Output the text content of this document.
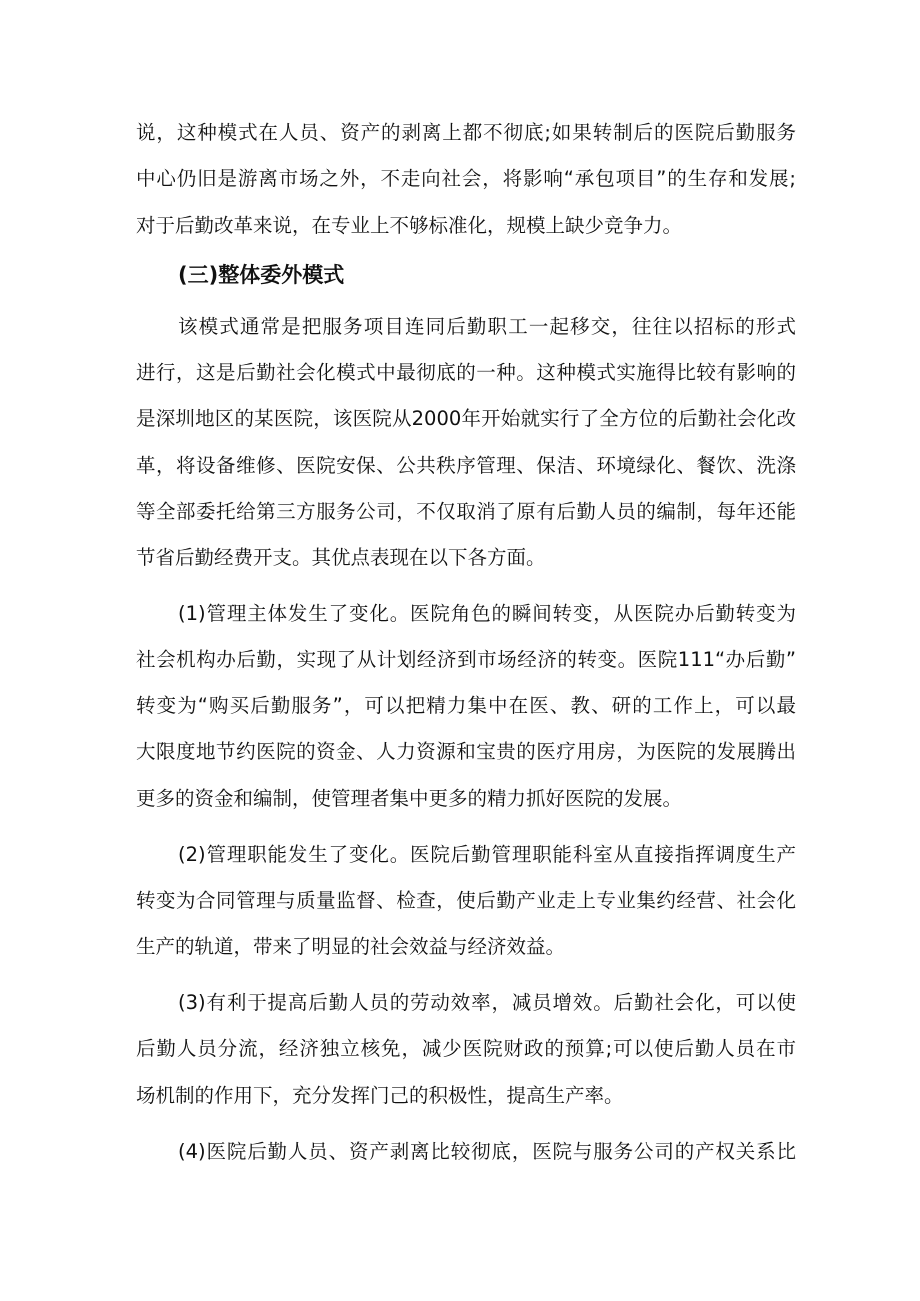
说，这种模式在人员、资产的剥离上都不彻底;如果转制后的医院后勤服务
中心仍旧是游离市场之外，不走向社会，将影响“承包项目”的生存和发展;
对于后勤改革来说，在专业上不够标准化，规模上缺少竞争力。
(三)整体委外模式
该模式通常是把服务项目连同后勤职工一起移交，往往以招标的形式
进行，这是后勤社会化模式中最彻底的一种。这种模式实施得比较有影响的
是深圳地区的某医院，该医院从2000年开始就实行了全方位的后勤社会化改
革，将设备维修、医院安保、公共秩序管理、保洁、环境绿化、餐饮、洗涤
等全部委托给第三方服务公司，不仅取消了原有后勤人员的编制，每年还能
节省后勤经费开支。其优点表现在以下各方面。
(1)管理主体发生了变化。医院角色的瞬间转变，从医院办后勤转变为
社会机构办后勤，实现了从计划经济到市场经济的转变。医院111“办后勤”
转变为“购买后勤服务”，可以把精力集中在医、教、研的工作上，可以最
大限度地节约医院的资金、人力资源和宝贵的医疗用房，为医院的发展腾出
更多的资金和编制，使管理者集中更多的精力抓好医院的发展。
(2)管理职能发生了变化。医院后勤管理职能科室从直接指挥调度生产
转变为合同管理与质量监督、检查，使后勤产业走上专业集约经营、社会化
生产的轨道，带来了明显的社会效益与经济效益。
(3)有利于提高后勤人员的劳动效率，减员增效。后勤社会化，可以使
后勤人员分流，经济独立核免，减少医院财政的预算;可以使后勤人员在市
场机制的作用下，充分发挥门己的积极性，提高生产率。
(4)医院后勤人员、资产剥离比较彻底，医院与服务公司的产权关系比
